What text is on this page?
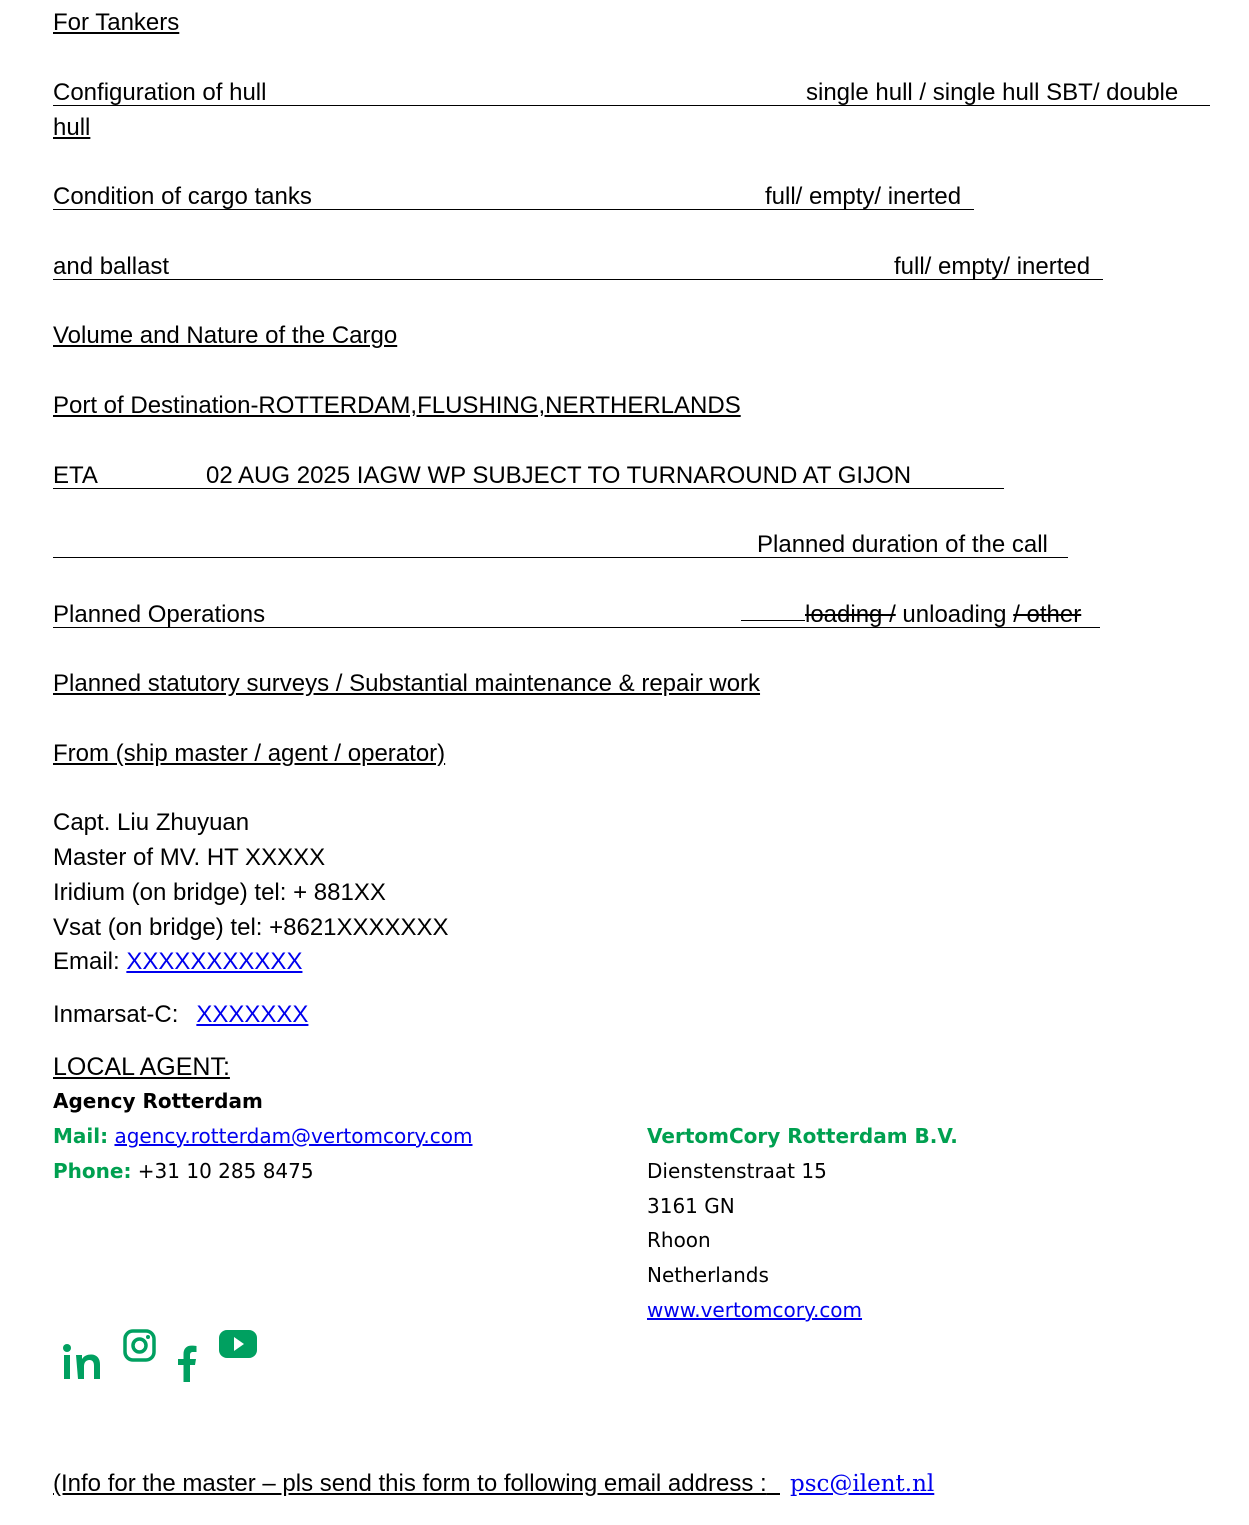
For Tankers
Configuration of hull	single hull / single hull SBT/ double
hull
Condition of cargo tanks	full/ empty/ inerted
and ballast	full/ empty/ inerted
Volume and Nature of the Cargo
Port of Destination-ROTTERDAM,FLUSHING,NERTHERLANDS
ETA	02 AUG 2025 IAGW WP SUBJECT TO TURNAROUND AT GIJON
Planned duration of the call
Planned Operations	loading / unloading / other
Planned statutory surveys / Substantial maintenance & repair work
From (ship master / agent / operator)
Capt. Liu Zhuyuan
Master of MV. HT XXXXX
Iridium (on bridge) tel: + 881XX
Vsat (on bridge) tel: +8621XXXXXXX
Email: XXXXXXXXXXX
Inmarsat-C: XXXXXXX
LOCAL AGENT:
Agency Rotterdam
Mail: agency.rotterdam@vertomcory.com
Phone: +31 10 285 8475
VertomCory Rotterdam B.V.
Dienstenstraat 15
3161 GN
Rhoon
Netherlands
www.vertomcory.com
(Info for the master – pls send this form to following email address : psc@ilent.nl
